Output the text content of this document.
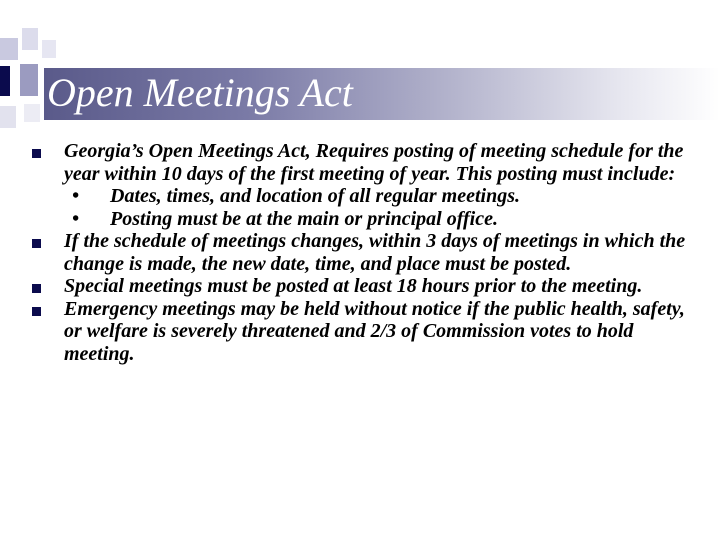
Open Meetings Act
Georgia’s Open Meetings Act, Requires posting of meeting schedule for the year within 10 days of the first meeting of year. This posting must include:
• Dates, times, and location of all regular meetings.
• Posting must be at the main or principal office.
If the schedule of meetings changes, within 3 days of meetings in which the change is made, the new date, time, and place must be posted.
Special meetings must be posted at least 18 hours prior to the meeting.
Emergency meetings may be held without notice if the public health, safety, or welfare is severely threatened and 2/3 of Commission votes to hold meeting.
